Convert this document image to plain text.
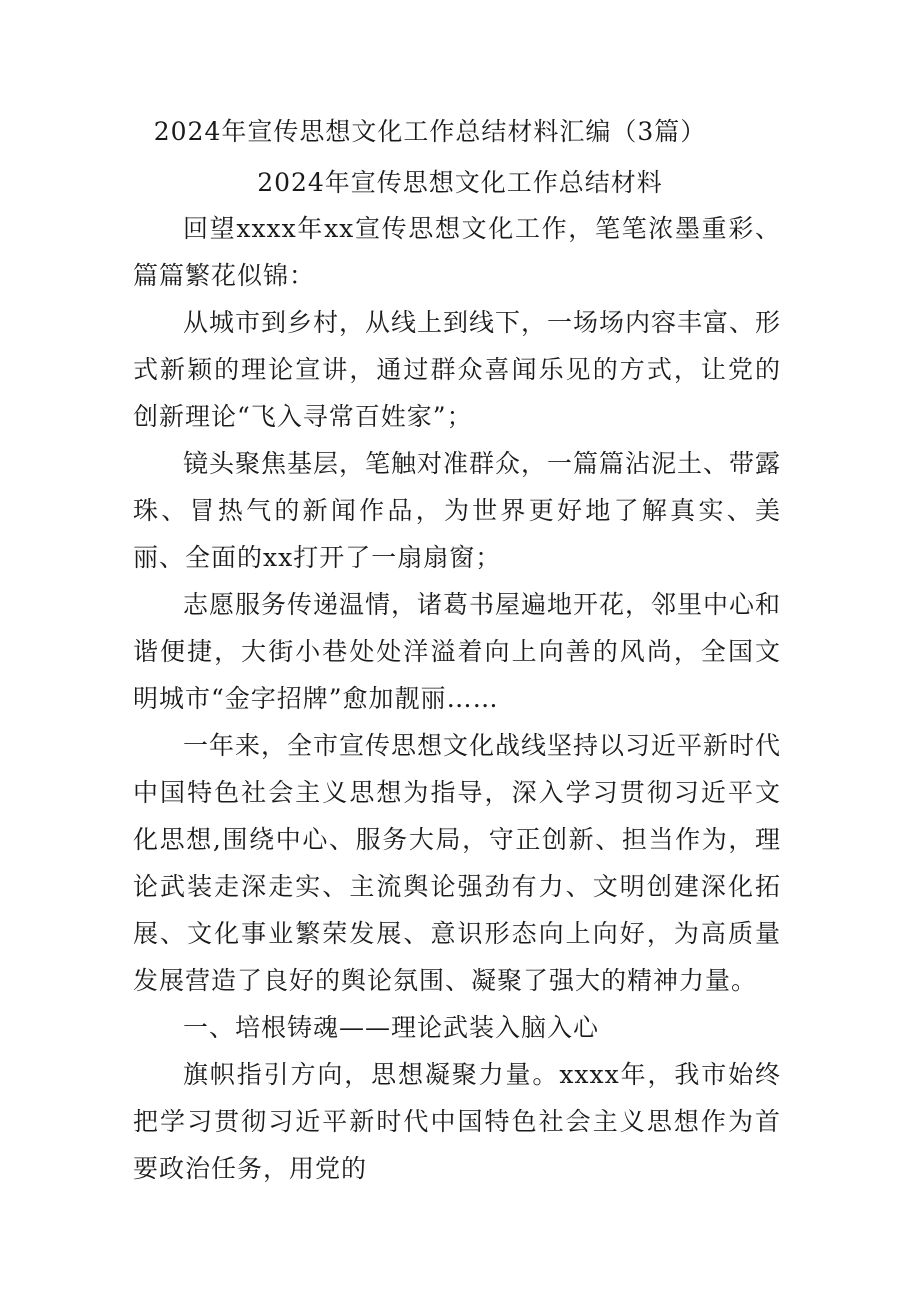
2024年宣传思想文化工作总结材料汇编（3篇）
2024年宣传思想文化工作总结材料

回望xxxx年xx宣传思想文化工作，笔笔浓墨重彩、篇篇繁花似锦：

从城市到乡村，从线上到线下，一场场内容丰富、形式新颖的理论宣讲，通过群众喜闻乐见的方式，让党的创新理论“飞入寻常百姓家”；

镜头聚焦基层，笔触对准群众，一篇篇沾泥土、带露珠、冒热气的新闻作品，为世界更好地了解真实、美丽、全面的xx打开了一扇扇窗；

志愿服务传递温情，诸葛书屋遍地开花，邻里中心和谐便捷，大街小巷处处洋溢着向上向善的风尚，全国文明城市“金字招牌”愈加靓丽……

一年来，全市宣传思想文化战线坚持以习近平新时代中国特色社会主义思想为指导，深入学习贯彻习近平文化思想,围绕中心、服务大局，守正创新、担当作为，理论武装走深走实、主流舆论强劲有力、文明创建深化拓展、文化事业繁荣发展、意识形态向上向好，为高质量发展营造了良好的舆论氛围、凝聚了强大的精神力量。

一、培根铸魂——理论武装入脑入心

旗帜指引方向，思想凝聚力量。xxxx年，我市始终把学习贯彻习近平新时代中国特色社会主义思想作为首要政治任务，用党的
